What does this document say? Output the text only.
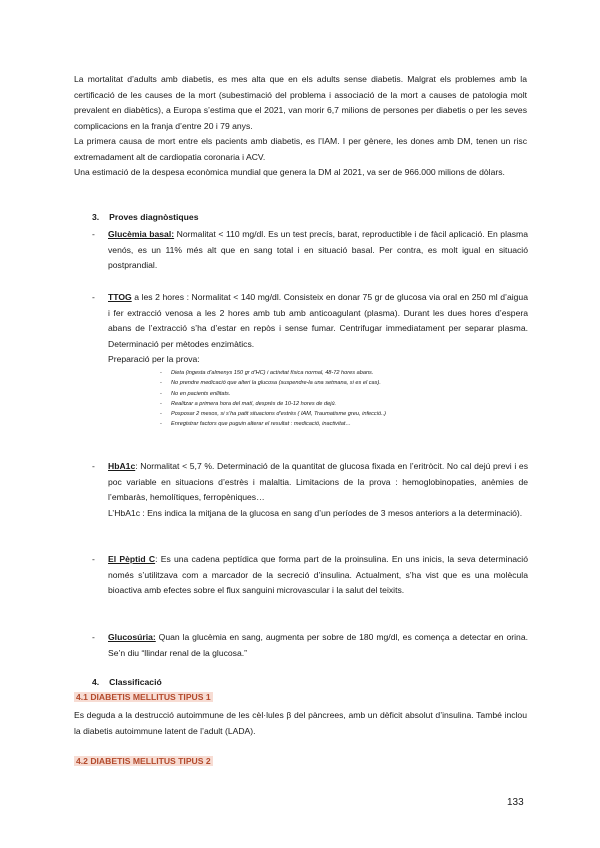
La mortalitat d’adults amb diabetis, es mes alta que en els adults sense diabetis. Malgrat els problemes amb la certificació de les causes de la mort (subestimació del problema i associació de la mort a causes de patologia molt prevalent en diabètics), a Europa s’estima que el 2021, van morir 6,7 milions de persones per diabetis o per les seves complicacions en la franja d’entre 20 i 79 anys.

La primera causa de mort entre els pacients amb diabetis, es l’IAM. I per gènere, les dones amb DM, tenen un risc extremadament alt de cardiopatia coronaria i ACV.

Una estimació de la despesa econòmica mundial que genera la DM al 2021, va ser de 966.000 milions de dòlars.

3. Proves diagnòstiques
- Glucèmia basal: Normalitat < 110 mg/dl. Es un test precís, barat, reproductible i de fàcil aplicació. En plasma venós, es un 11% més alt que en sang total i en situació basal. Per contra, es molt igual en situació postprandial.
- TTOG a les 2 hores : Normalitat < 140 mg/dl. Consisteix en donar 75 gr de glucosa via oral en 250 ml d’aigua i fer extracció venosa a les 2 hores amb tub amb anticoagulant (plasma). Durant les dues hores d’espera abans de l’extracció s’ha d’estar en repòs i sense fumar. Centrifugar immediatament per separar plasma. Determinació per mètodes enzimàtics.
Preparació per la prova:
- Dieta (ingesta d’almenys 150 gr d’HC) i activitat física normal, 48-72 hores abans.
- No prendre medicació que alteri la glucosa (suspendre-la una setmana, si es el cas).
- No en pacients enllitats.
- Realitzar a primera hora del matí, després de 10-12 hores de dejú.
- Posposar 2 mesos, si s’ha patit situacions d’estrès ( IAM, Traumatisme greu, infecció..)
- Enregistrar factors que puguin alterar el resultat : medicació, inactivitat…
- HbA1c: Normalitat < 5,7 %. Determinació de la quantitat de glucosa fixada en l’eritròcit. No cal dejú previ i es poc variable en situacions d’estrès i malaltia. Limitacions de la prova : hemoglobinopaties, anèmies de l’embaràs, hemolítiques, ferropèniques…
L’HbA1c : Ens indica la mitjana de la glucosa en sang d’un períodes de 3 mesos anteriors a la determinació).
- El Pèptid C: Es una cadena peptídica que forma part de la proinsulina. En uns inicis, la seva determinació només s’utilitzava com a marcador de la secreció d’insulina. Actualment, s’ha vist que es una molècula bioactiva amb efectes sobre el flux sanguini microvascular i la salut del teixits.
- Glucosúria: Quan la glucèmia en sang, augmenta per sobre de 180 mg/dl, es comença a detectar en orina. Se’n diu “llindar renal de la glucosa.”
4. Classificació
4.1 DIABETIS MELLITUS TIPUS 1

Es deguda a la destrucció autoimmune de les cèl·lules β del pàncrees, amb un dèficit absolut d’insulina. També inclou la diabetis autoimmune latent de l’adult (LADA).

4.2 DIABETIS MELLITUS TIPUS 2
133
